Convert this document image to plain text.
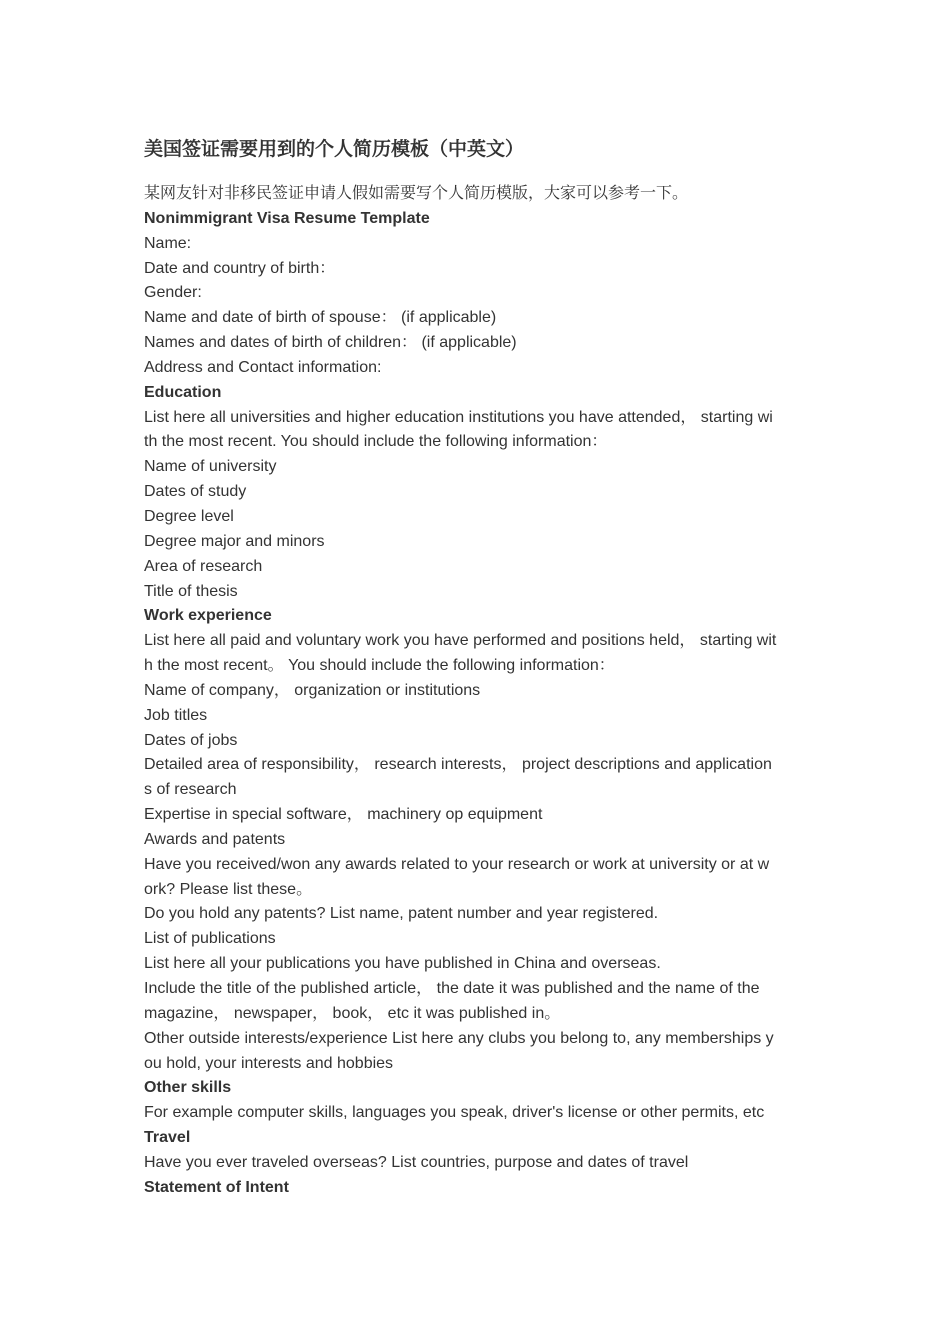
美国签证需要用到的个人简历模板（中英文）

某网友针对非移民签证申请人假如需要写个人简历模版，大家可以参考一下。

Nonimmigrant Visa Resume Template

Name:

Date and country of birth：

Gender:

Name and date of birth of spouse： (if applicable)

Names and dates of birth of children： (if applicable)

Address and Contact information:

Education

List here all universities and higher education institutions you have attended， starting wi

th the most recent. You should include the following information：

Name of university

Dates of study

Degree level

Degree major and minors

Area of research

Title of thesis

Work experience

List here all paid and voluntary work you have performed and positions held， starting wit

h the most recent。 You should include the following information：

Name of company， organization or institutions

Job titles

Dates of jobs

Detailed area of responsibility， research interests， project descriptions and application

s of research

Expertise in special software， machinery op equipment

Awards and patents

Have you received/won any awards related to your research or work at university or at w

ork? Please list these。

Do you hold any patents? List name, patent number and year registered.

List of publications

List here all your publications you have published in China and overseas.

Include the title of the published article， the date it was published and the name of the

magazine， newspaper， book， etc it was published in。

Other outside interests/experience List here any clubs you belong to, any memberships y

ou hold, your interests and hobbies

Other skills

For example computer skills, languages you speak, driver's license or other permits, etc

Travel

Have you ever traveled overseas? List countries, purpose and dates of travel

Statement of Intent
